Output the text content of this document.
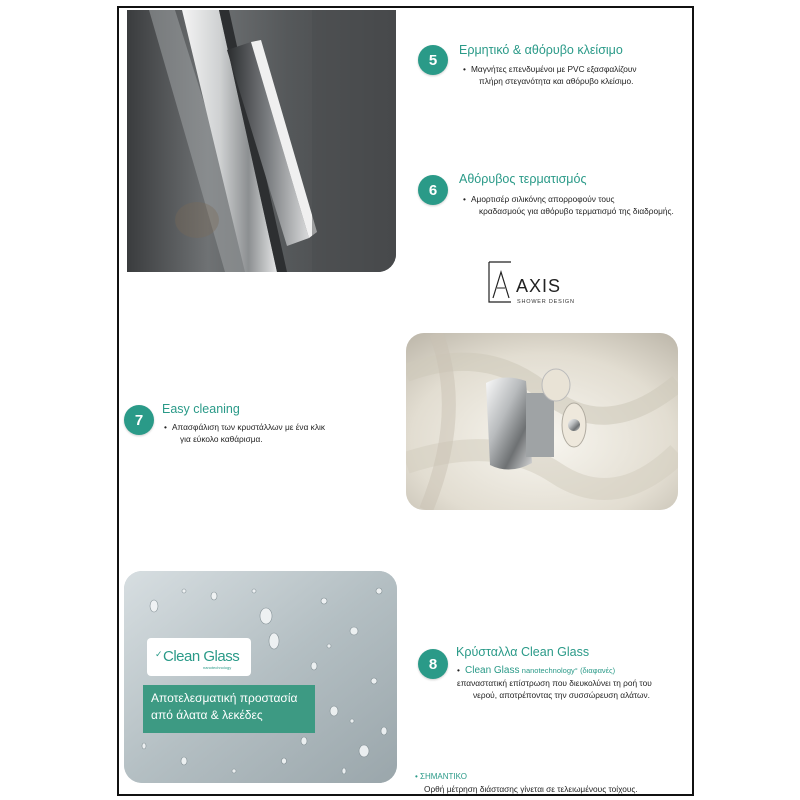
5
Ερμητικό & αθόρυβο κλείσιμο
• Μαγνήτες επενδυμένοι με PVC εξασφαλίζουν
πλήρη στεγανότητα και αθόρυβο κλείσιμο.
6
Αθόρυβος τερματισμός
• Αμορτισέρ σιλικόνης απορροφούν τους
κραδασμούς για αθόρυβο τερματισμό της διαδρομής.
AXIS
SHOWER DESIGN
7
Easy cleaning
• Απασφάλιση των κρυστάλλων με ένα κλικ
για εύκολο καθάρισμα.
✓ Clean Glass
nanotechnology
Αποτελεσματική προστασία
από άλατα & λεκέδες
8
Κρύσταλλα Clean Glass
• Clean Glass nanotechnology° (διαφανές)
επαναστατική επίστρωση που διευκολύνει τη ροή του
νερού, αποτρέποντας την συσσώρευση αλάτων.
• ΣΗΜΑΝΤΙΚΟ
Ορθή μέτρηση διάστασης γίνεται σε τελειωμένους τοίχους.
